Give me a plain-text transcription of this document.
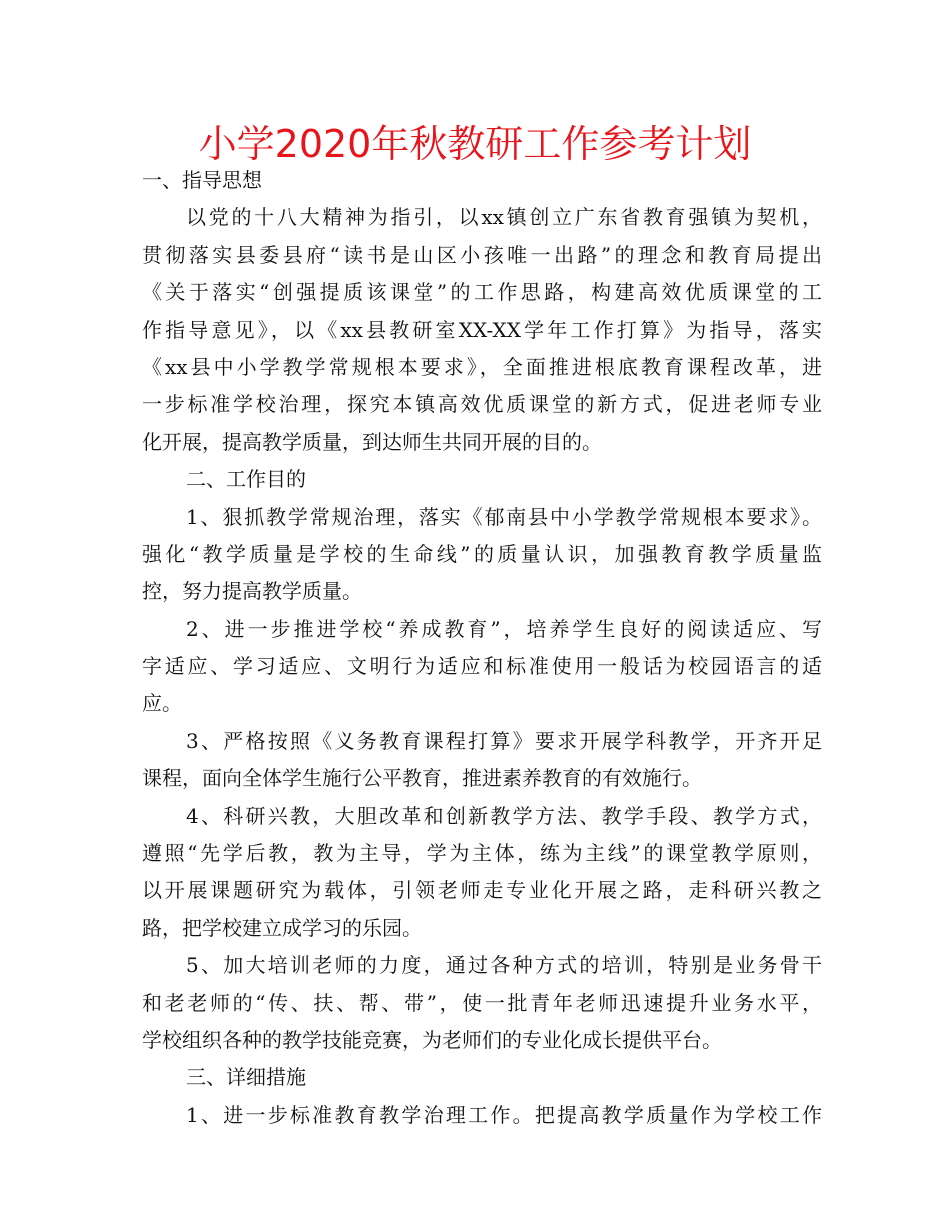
小学2020年秋教研工作参考计划
一、指导思想
以党的十八大精神为指引，以xx镇创立广东省教育强镇为契机，
贯彻落实县委县府“读书是山区小孩唯一出路”的理念和教育局提出
《关于落实“创强提质该课堂”的工作思路，构建高效优质课堂的工
作指导意见》，以《xx县教研室XX-XX学年工作打算》为指导，落实
《xx县中小学教学常规根本要求》，全面推进根底教育课程改革，进
一步标准学校治理，探究本镇高效优质课堂的新方式，促进老师专业
化开展，提高教学质量，到达师生共同开展的目的。
二、工作目的
1、狠抓教学常规治理，落实《郁南县中小学教学常规根本要求》。
强化“教学质量是学校的生命线”的质量认识，加强教育教学质量监
控，努力提高教学质量。
2、进一步推进学校“养成教育”，培养学生良好的阅读适应、写
字适应、学习适应、文明行为适应和标准使用一般话为校园语言的适
应。
3、严格按照《义务教育课程打算》要求开展学科教学，开齐开足
课程，面向全体学生施行公平教育，推进素养教育的有效施行。
4、科研兴教，大胆改革和创新教学方法、教学手段、教学方式，
遵照“先学后教，教为主导，学为主体，练为主线”的课堂教学原则，
以开展课题研究为载体，引领老师走专业化开展之路，走科研兴教之
路，把学校建立成学习的乐园。
5、加大培训老师的力度，通过各种方式的培训，特别是业务骨干
和老老师的“传、扶、帮、带”，使一批青年老师迅速提升业务水平，
学校组织各种的教学技能竞赛，为老师们的专业化成长提供平台。
三、详细措施
1、进一步标准教育教学治理工作。把提高教学质量作为学校工作
